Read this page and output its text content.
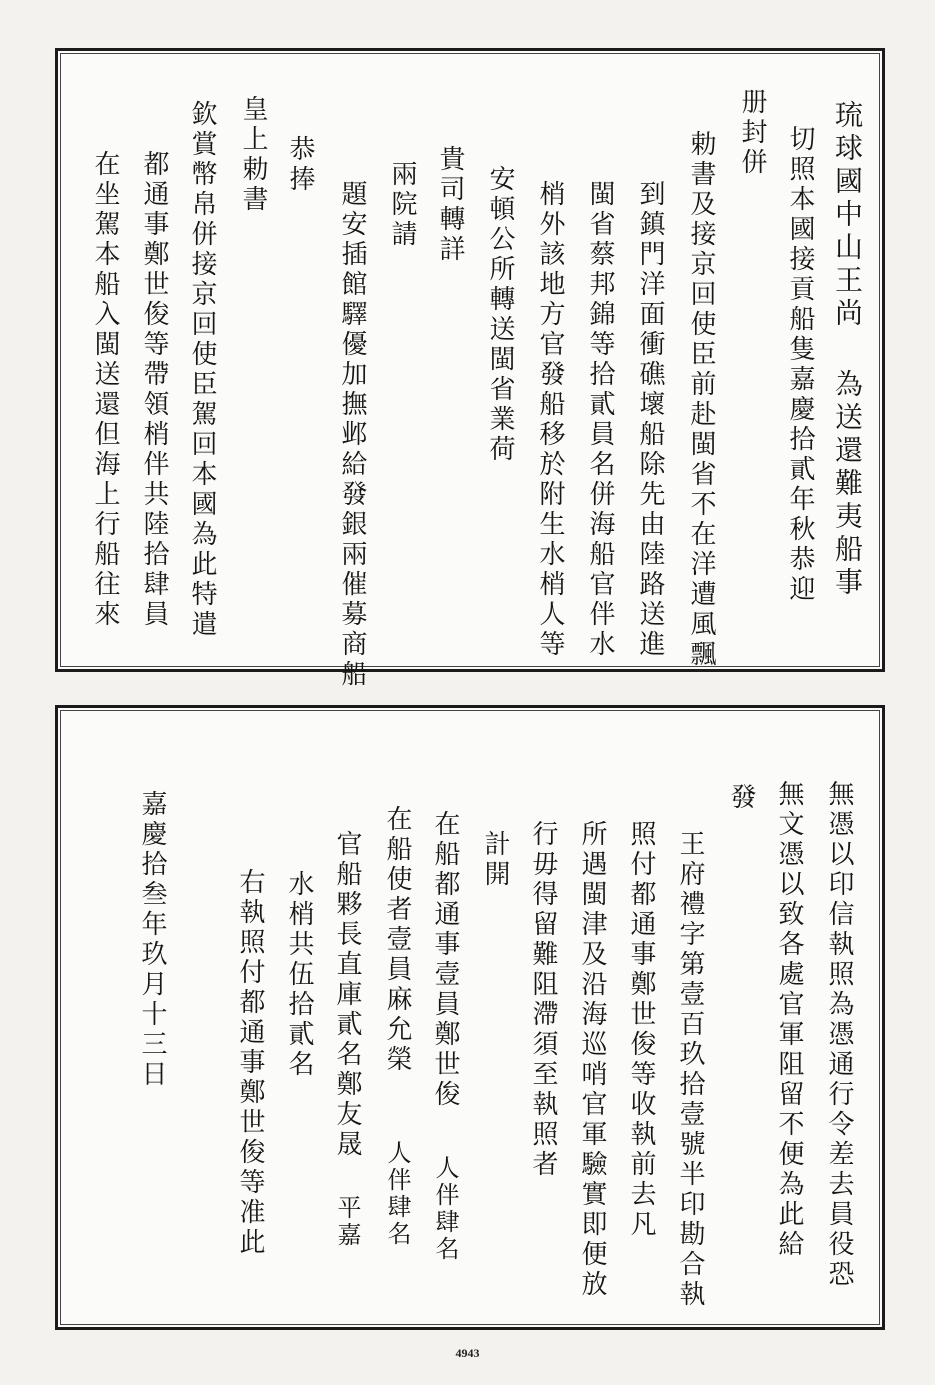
琉球國中山王尚 為送還難夷船事
切照本國接貢船隻嘉慶拾貳年秋恭迎
册封併
勅書及接京回使臣前赴閩省不在洋遭風飄
到鎮門洋面衝礁壞船除先由陸路送進
閩省蔡邦錦等拾貳員名併海船官伴水
梢外該地方官發船移於附生水梢人等
安頓公所轉送閩省業荷
貴司轉詳
兩院請
題安插館驛優加撫邺給發銀兩催募商船
恭捧
皇上勅書
欽賞幣帛併接京回使臣駕回本國為此特遣
都通事鄭世俊等帶領梢伴共陸拾肆員
在坐駕本船入閩送還但海上行船往來
無憑以印信執照為憑通行令差去員役恐
無文憑以致各處官軍阻留不便為此給
發
王府禮字第壹百玖拾壹號半印勘合執
照付都通事鄭世俊等收執前去凡
所遇閩津及沿海巡哨官軍驗實即便放
行毋得留難阻滯須至執照者
計開
在船都通事壹員鄭世俊
人伴肆名
在船使者壹員麻允榮
人伴肆名
官船夥長直庫貳名鄭友晟
平嘉
水梢共伍拾貳名
右執照付都通事鄭世俊等准此
嘉慶拾叁年玖月十三日
4943
